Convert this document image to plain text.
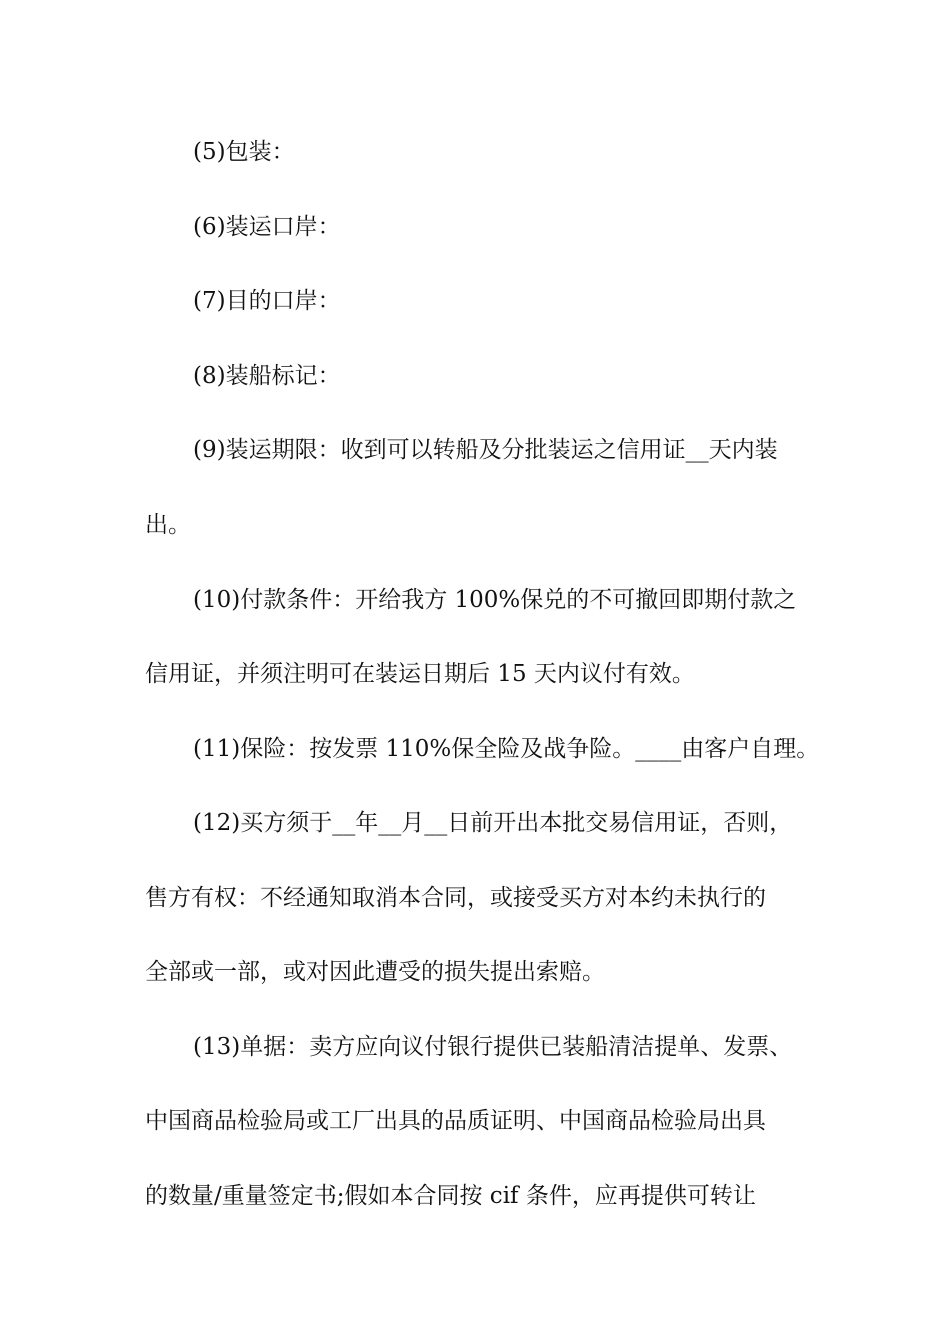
(5)包装：
(6)装运口岸：
(7)目的口岸：
(8)装船标记：
(9)装运期限：收到可以转船及分批装运之信用证__天内装
出。
(10)付款条件：开给我方 100%保兑的不可撤回即期付款之
信用证，并须注明可在装运日期后 15 天内议付有效。
(11)保险：按发票 110%保全险及战争险。____由客户自理。
(12)买方须于__年__月__日前开出本批交易信用证，否则，
售方有权：不经通知取消本合同，或接受买方对本约未执行的
全部或一部，或对因此遭受的损失提出索赔。
(13)单据：卖方应向议付银行提供已装船清洁提单、发票、
中国商品检验局或工厂出具的品质证明、中国商品检验局出具
的数量/重量签定书;假如本合同按 cif 条件，应再提供可转让
